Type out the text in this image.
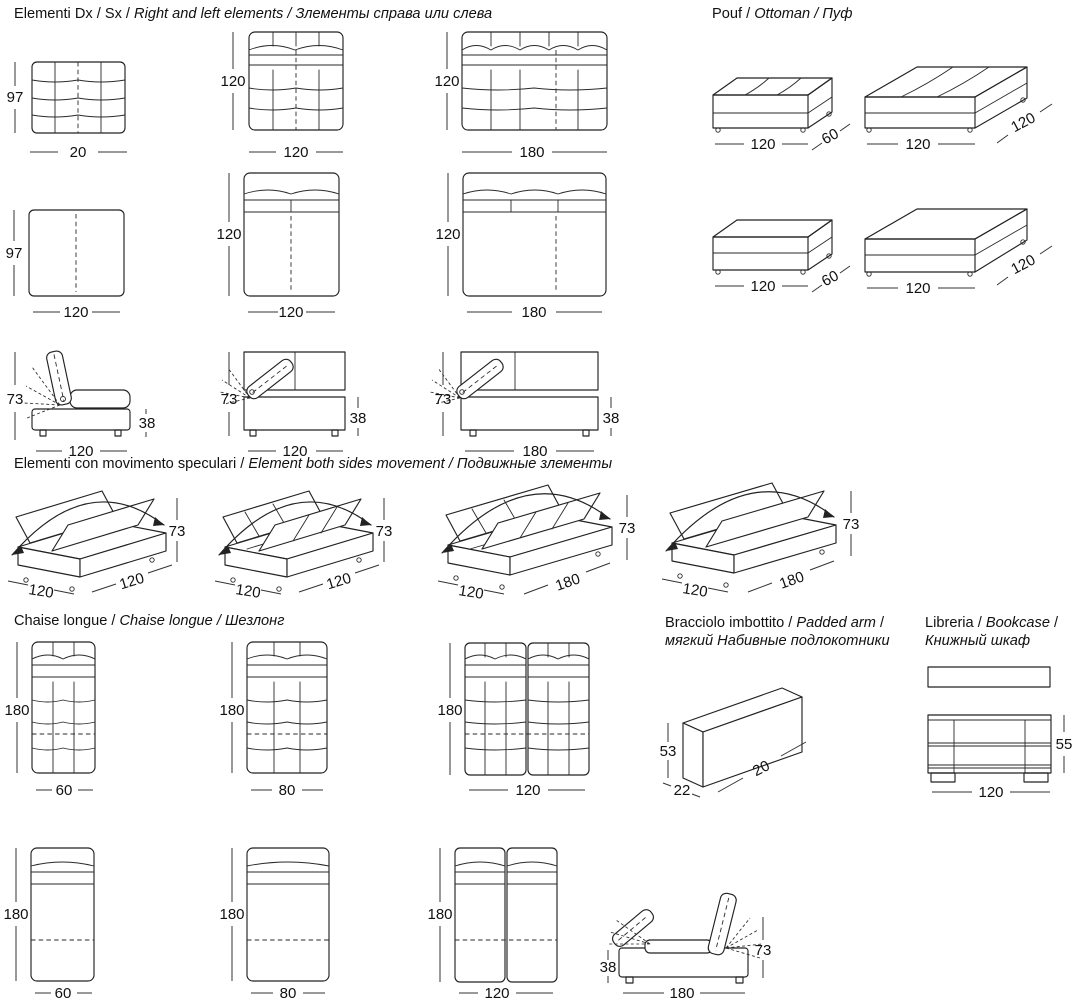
Elementi Dx / Sx / Right and left elements / Злементы справа или слева
97
20
120
120
120
180
97
120
120
120
120
180
73
38
120
73
38
120
73
38
180
Pouf / Ottoman / Пуф
120	60	120
120
120	60	120
120
Elementi con movimento speculari / Element both sides movement / Подвижные злементы
73
120	120
73
120	120
73
120	180
73
120	180
Chaise longue / Chaise longue / Шезлонг
180
60
180
80
180
120
180
60
180
80
180
120
38
73
180
Bracciolo imbottito / Padded arm /
мягкий Набивные подлокотники
53
22
20
Libreria / Bookcase /
Книжный шкаф
55
120
